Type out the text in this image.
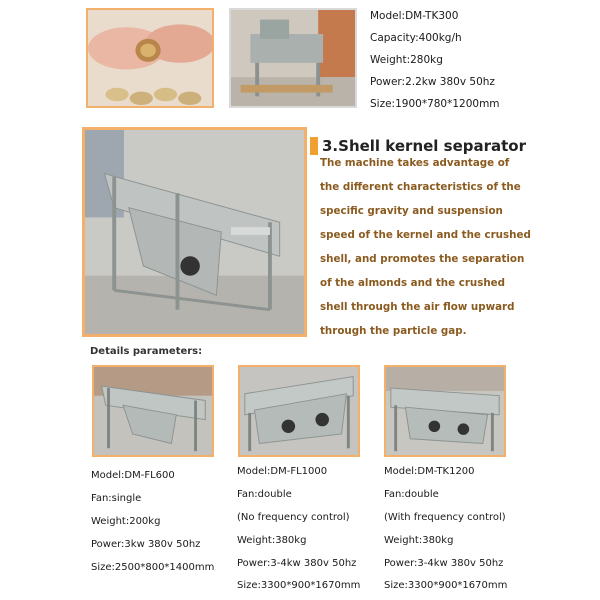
Model:DM-TK300
Capacity:400kg/h
Weight:280kg
Power:2.2kw 380v 50hz
Size:1900*780*1200mm
3.Shell kernel separator
The machine takes advantage of
the different characteristics of the
specific gravity and suspension
speed of the kernel and the crushed
shell, and promotes the separation
of the almonds and the crushed
shell through the air flow upward
through the particle gap.
Details parameters:
Model:DM-FL600
Fan:single
Weight:200kg
Power:3kw 380v 50hz
Size:2500*800*1400mm
Model:DM-FL1000
Fan:double
(No frequency control)
Weight:380kg
Power:3-4kw 380v 50hz
Size:3300*900*1670mm
Model:DM-TK1200
Fan:double
(With frequency control)
Weight:380kg
Power:3-4kw 380v 50hz
Size:3300*900*1670mm
